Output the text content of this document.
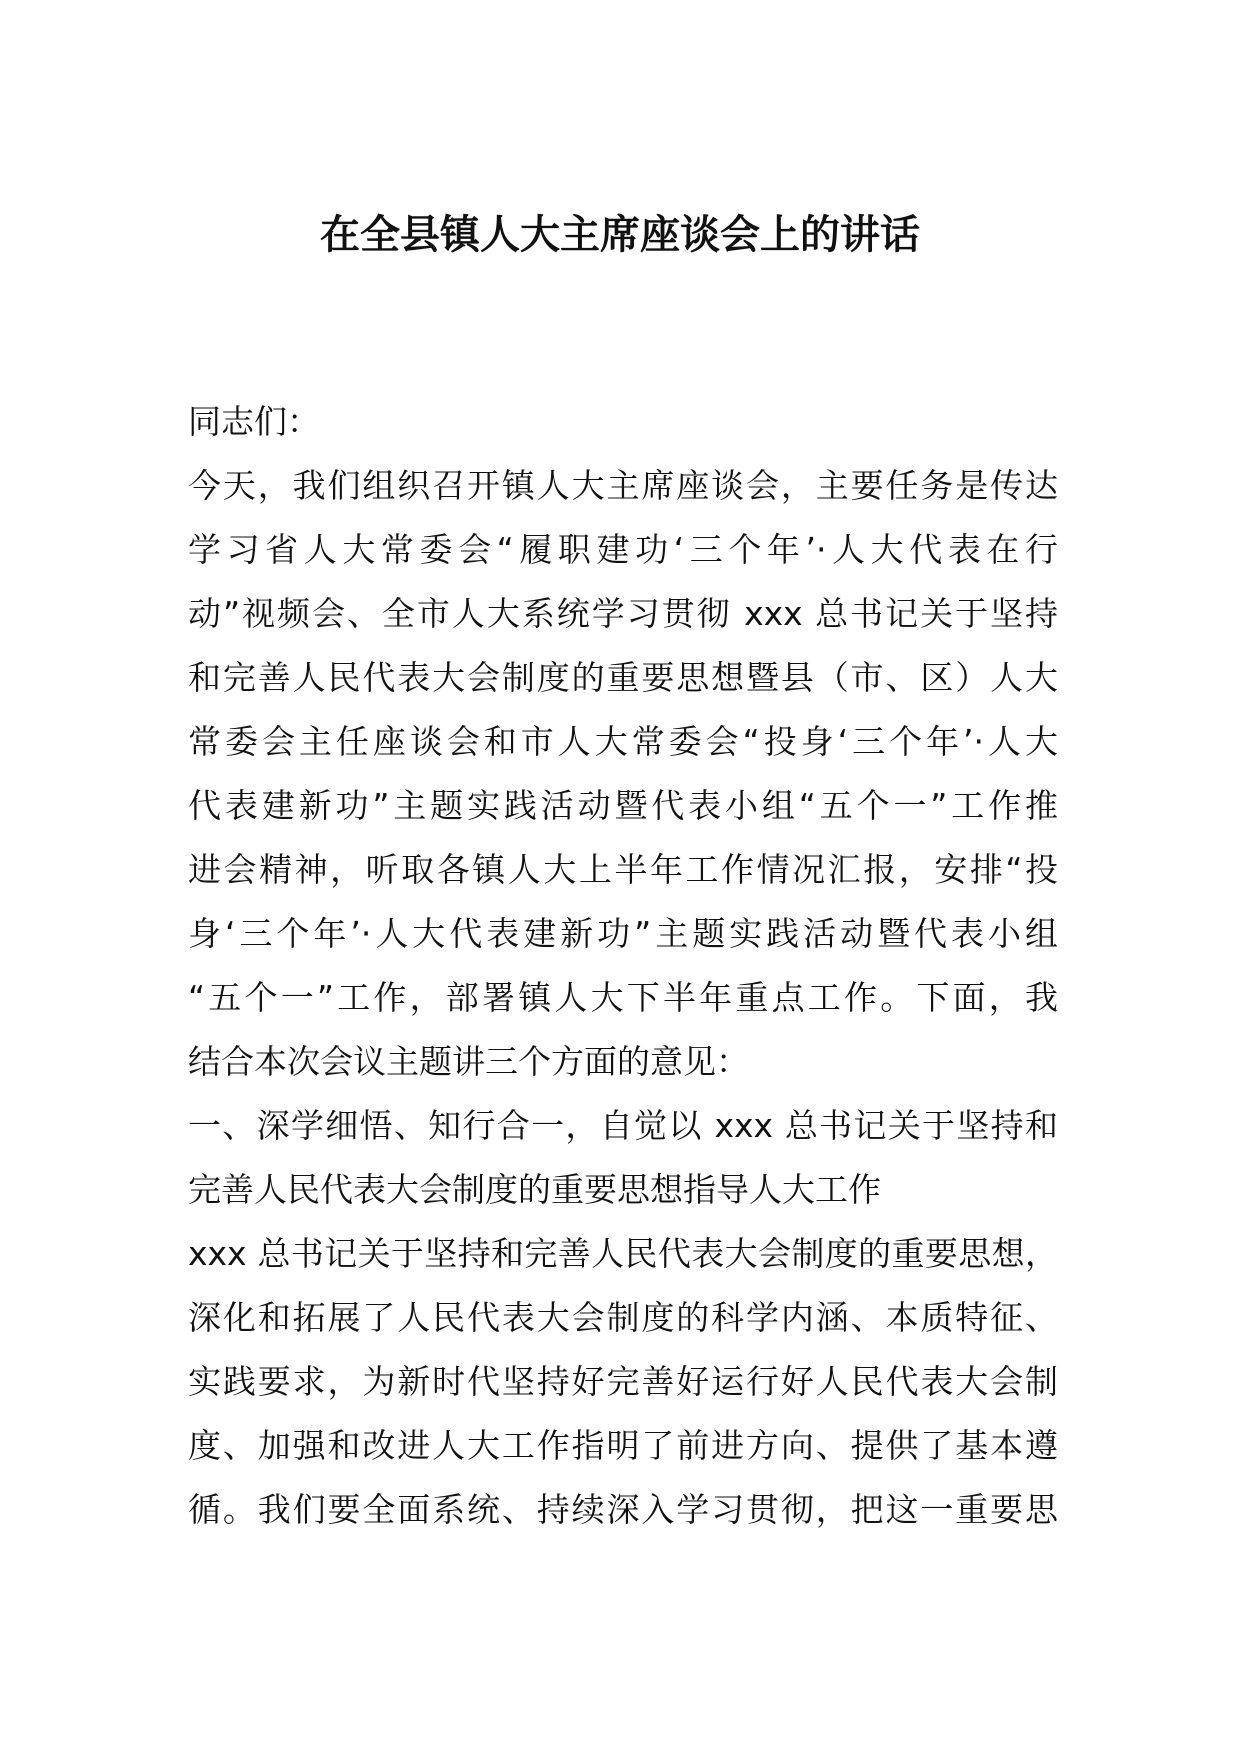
在全县镇人大主席座谈会上的讲话

同志们：

今天，我们组织召开镇人大主席座谈会，主要任务是传达

学习省人大常委会“履职建功‘三个年’·人大代表在行

动”视频会、全市人大系统学习贯彻 xxx 总书记关于坚持

和完善人民代表大会制度的重要思想暨县（市、区）人大

常委会主任座谈会和市人大常委会“投身‘三个年’·人大

代表建新功”主题实践活动暨代表小组“五个一”工作推

进会精神，听取各镇人大上半年工作情况汇报，安排“投

身‘三个年’·人大代表建新功”主题实践活动暨代表小组

“五个一”工作，部署镇人大下半年重点工作。下面，我

结合本次会议主题讲三个方面的意见：

一、深学细悟、知行合一，自觉以 xxx 总书记关于坚持和

完善人民代表大会制度的重要思想指导人大工作

xxx 总书记关于坚持和完善人民代表大会制度的重要思想，

深化和拓展了人民代表大会制度的科学内涵、本质特征、

实践要求，为新时代坚持好完善好运行好人民代表大会制

度、加强和改进人大工作指明了前进方向、提供了基本遵

循。我们要全面系统、持续深入学习贯彻，把这一重要思
